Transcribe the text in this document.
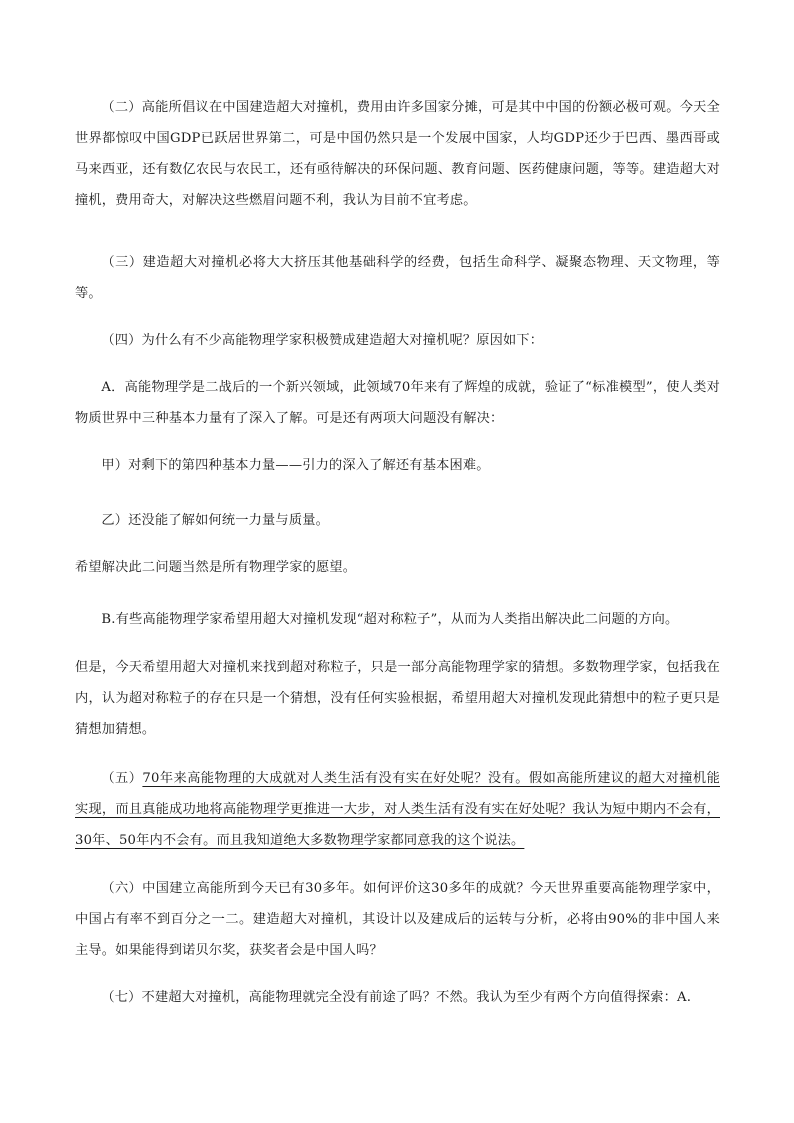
（二）高能所倡议在中国建造超大对撞机，费用由许多国家分摊，可是其中中国的份额必极可观。今天全世界都惊叹中国GDP已跃居世界第二，可是中国仍然只是一个发展中国家，人均GDP还少于巴西、墨西哥或马来西亚，还有数亿农民与农民工，还有亟待解决的环保问题、教育问题、医药健康问题，等等。建造超大对撞机，费用奇大，对解决这些燃眉问题不利，我认为目前不宜考虑。

（三）建造超大对撞机必将大大挤压其他基础科学的经费，包括生命科学、凝聚态物理、天文物理，等等。

（四）为什么有不少高能物理学家积极赞成建造超大对撞机呢？原因如下：

A．高能物理学是二战后的一个新兴领域，此领域70年来有了辉煌的成就，验证了“标准模型”，使人类对物质世界中三种基本力量有了深入了解。可是还有两项大问题没有解决：

甲）对剩下的第四种基本力量——引力的深入了解还有基本困难。

乙）还没能了解如何统一力量与质量。

希望解决此二问题当然是所有物理学家的愿望。

B.有些高能物理学家希望用超大对撞机发现“超对称粒子”，从而为人类指出解决此二问题的方向。

但是，今天希望用超大对撞机来找到超对称粒子，只是一部分高能物理学家的猜想。多数物理学家，包括我在内，认为超对称粒子的存在只是一个猜想，没有任何实验根据，希望用超大对撞机发现此猜想中的粒子更只是猜想加猜想。

（五）70年来高能物理的大成就对人类生活有没有实在好处呢？没有。假如高能所建议的超大对撞机能实现，而且真能成功地将高能物理学更推进一大步，对人类生活有没有实在好处呢？我认为短中期内不会有，30年、50年内不会有。而且我知道绝大多数物理学家都同意我的这个说法。

（六）中国建立高能所到今天已有30多年。如何评价这30多年的成就？今天世界重要高能物理学家中，中国占有率不到百分之一二。建造超大对撞机，其设计以及建成后的运转与分析，必将由90%的非中国人来主导。如果能得到诺贝尔奖，获奖者会是中国人吗？

（七）不建超大对撞机，高能物理就完全没有前途了吗？不然。我认为至少有两个方向值得探索：A.
